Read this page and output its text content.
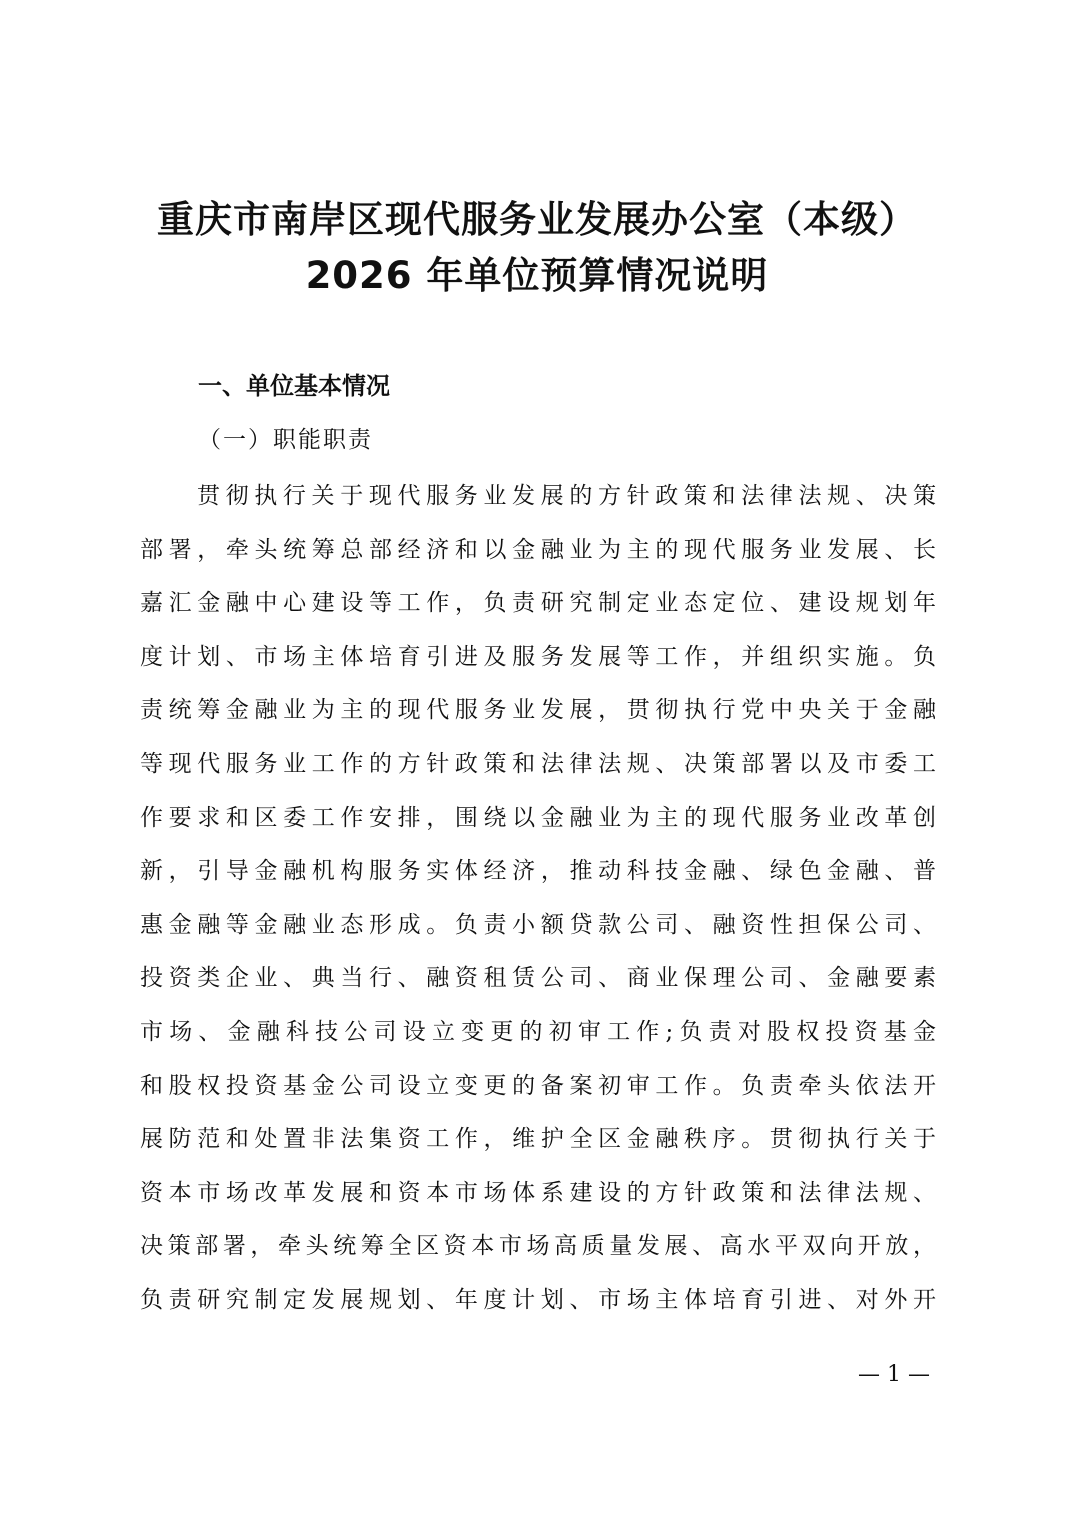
重庆市南岸区现代服务业发展办公室（本级）
2026 年单位预算情况说明
一、单位基本情况
（一）职能职责
贯彻执行关于现代服务业发展的方针政策和法律法规、决策
部署，牵头统筹总部经济和以金融业为主的现代服务业发展、长
嘉汇金融中心建设等工作，负责研究制定业态定位、建设规划年
度计划、市场主体培育引进及服务发展等工作，并组织实施。负
责统筹金融业为主的现代服务业发展，贯彻执行党中央关于金融
等现代服务业工作的方针政策和法律法规、决策部署以及市委工
作要求和区委工作安排，围绕以金融业为主的现代服务业改革创
新，引导金融机构服务实体经济，推动科技金融、绿色金融、普
惠金融等金融业态形成。负责小额贷款公司、融资性担保公司、
投资类企业、典当行、融资租赁公司、商业保理公司、金融要素
市场、金融科技公司设立变更的初审工作;负责对股权投资基金
和股权投资基金公司设立变更的备案初审工作。负责牵头依法开
展防范和处置非法集资工作，维护全区金融秩序。贯彻执行关于
资本市场改革发展和资本市场体系建设的方针政策和法律法规、
决策部署，牵头统筹全区资本市场高质量发展、高水平双向开放，
负责研究制定发展规划、年度计划、市场主体培育引进、对外开
— 1 —
